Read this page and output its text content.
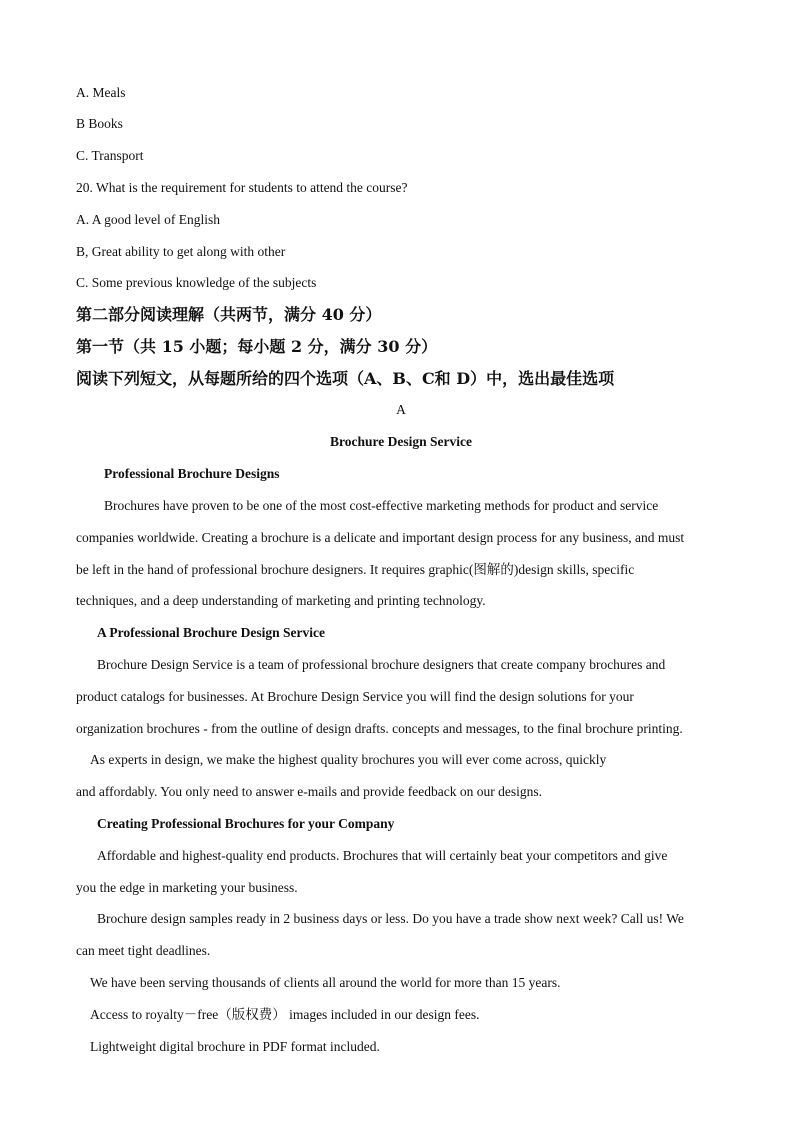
A. Meals
B Books
C. Transport
20. What is the requirement for students to attend the course?
A. A good level of English
B, Great ability to get along with other
C. Some previous knowledge of the subjects
第二部分阅读理解（共两节，满分 40 分）
第一节（共 15 小题；每小题 2 分，满分 30 分）
阅读下列短文，从每题所给的四个选项（A、B、C和 D）中，选出最佳选项
A
Brochure Design Service
Professional Brochure Designs
Brochures have proven to be one of the most cost-effective marketing methods for product and service
companies worldwide. Creating a brochure is a delicate and important design process for any business, and must
be left in the hand of professional brochure designers. It requires graphic(图解的)design skills, specific
techniques, and a deep understanding of marketing and printing technology.
A Professional Brochure Design Service
Brochure Design Service is a team of professional brochure designers that create company brochures and
product catalogs for businesses. At Brochure Design Service you will find the design solutions for your
organization brochures - from the outline of design drafts. concepts and messages, to the final brochure printing.
As experts in design, we make the highest quality brochures you will ever come across, quickly
and affordably. You only need to answer e-mails and provide feedback on our designs.
Creating Professional Brochures for your Company
Affordable and highest-quality end products. Brochures that will certainly beat your competitors and give
you the edge in marketing your business.
Brochure design samples ready in 2 business days or less. Do you have a trade show next week? Call us! We
can meet tight deadlines.
We have been serving thousands of clients all around the world for more than 15 years.
Access to royalty－free（版权费） images included in our design fees.
Lightweight digital brochure in PDF format included.
